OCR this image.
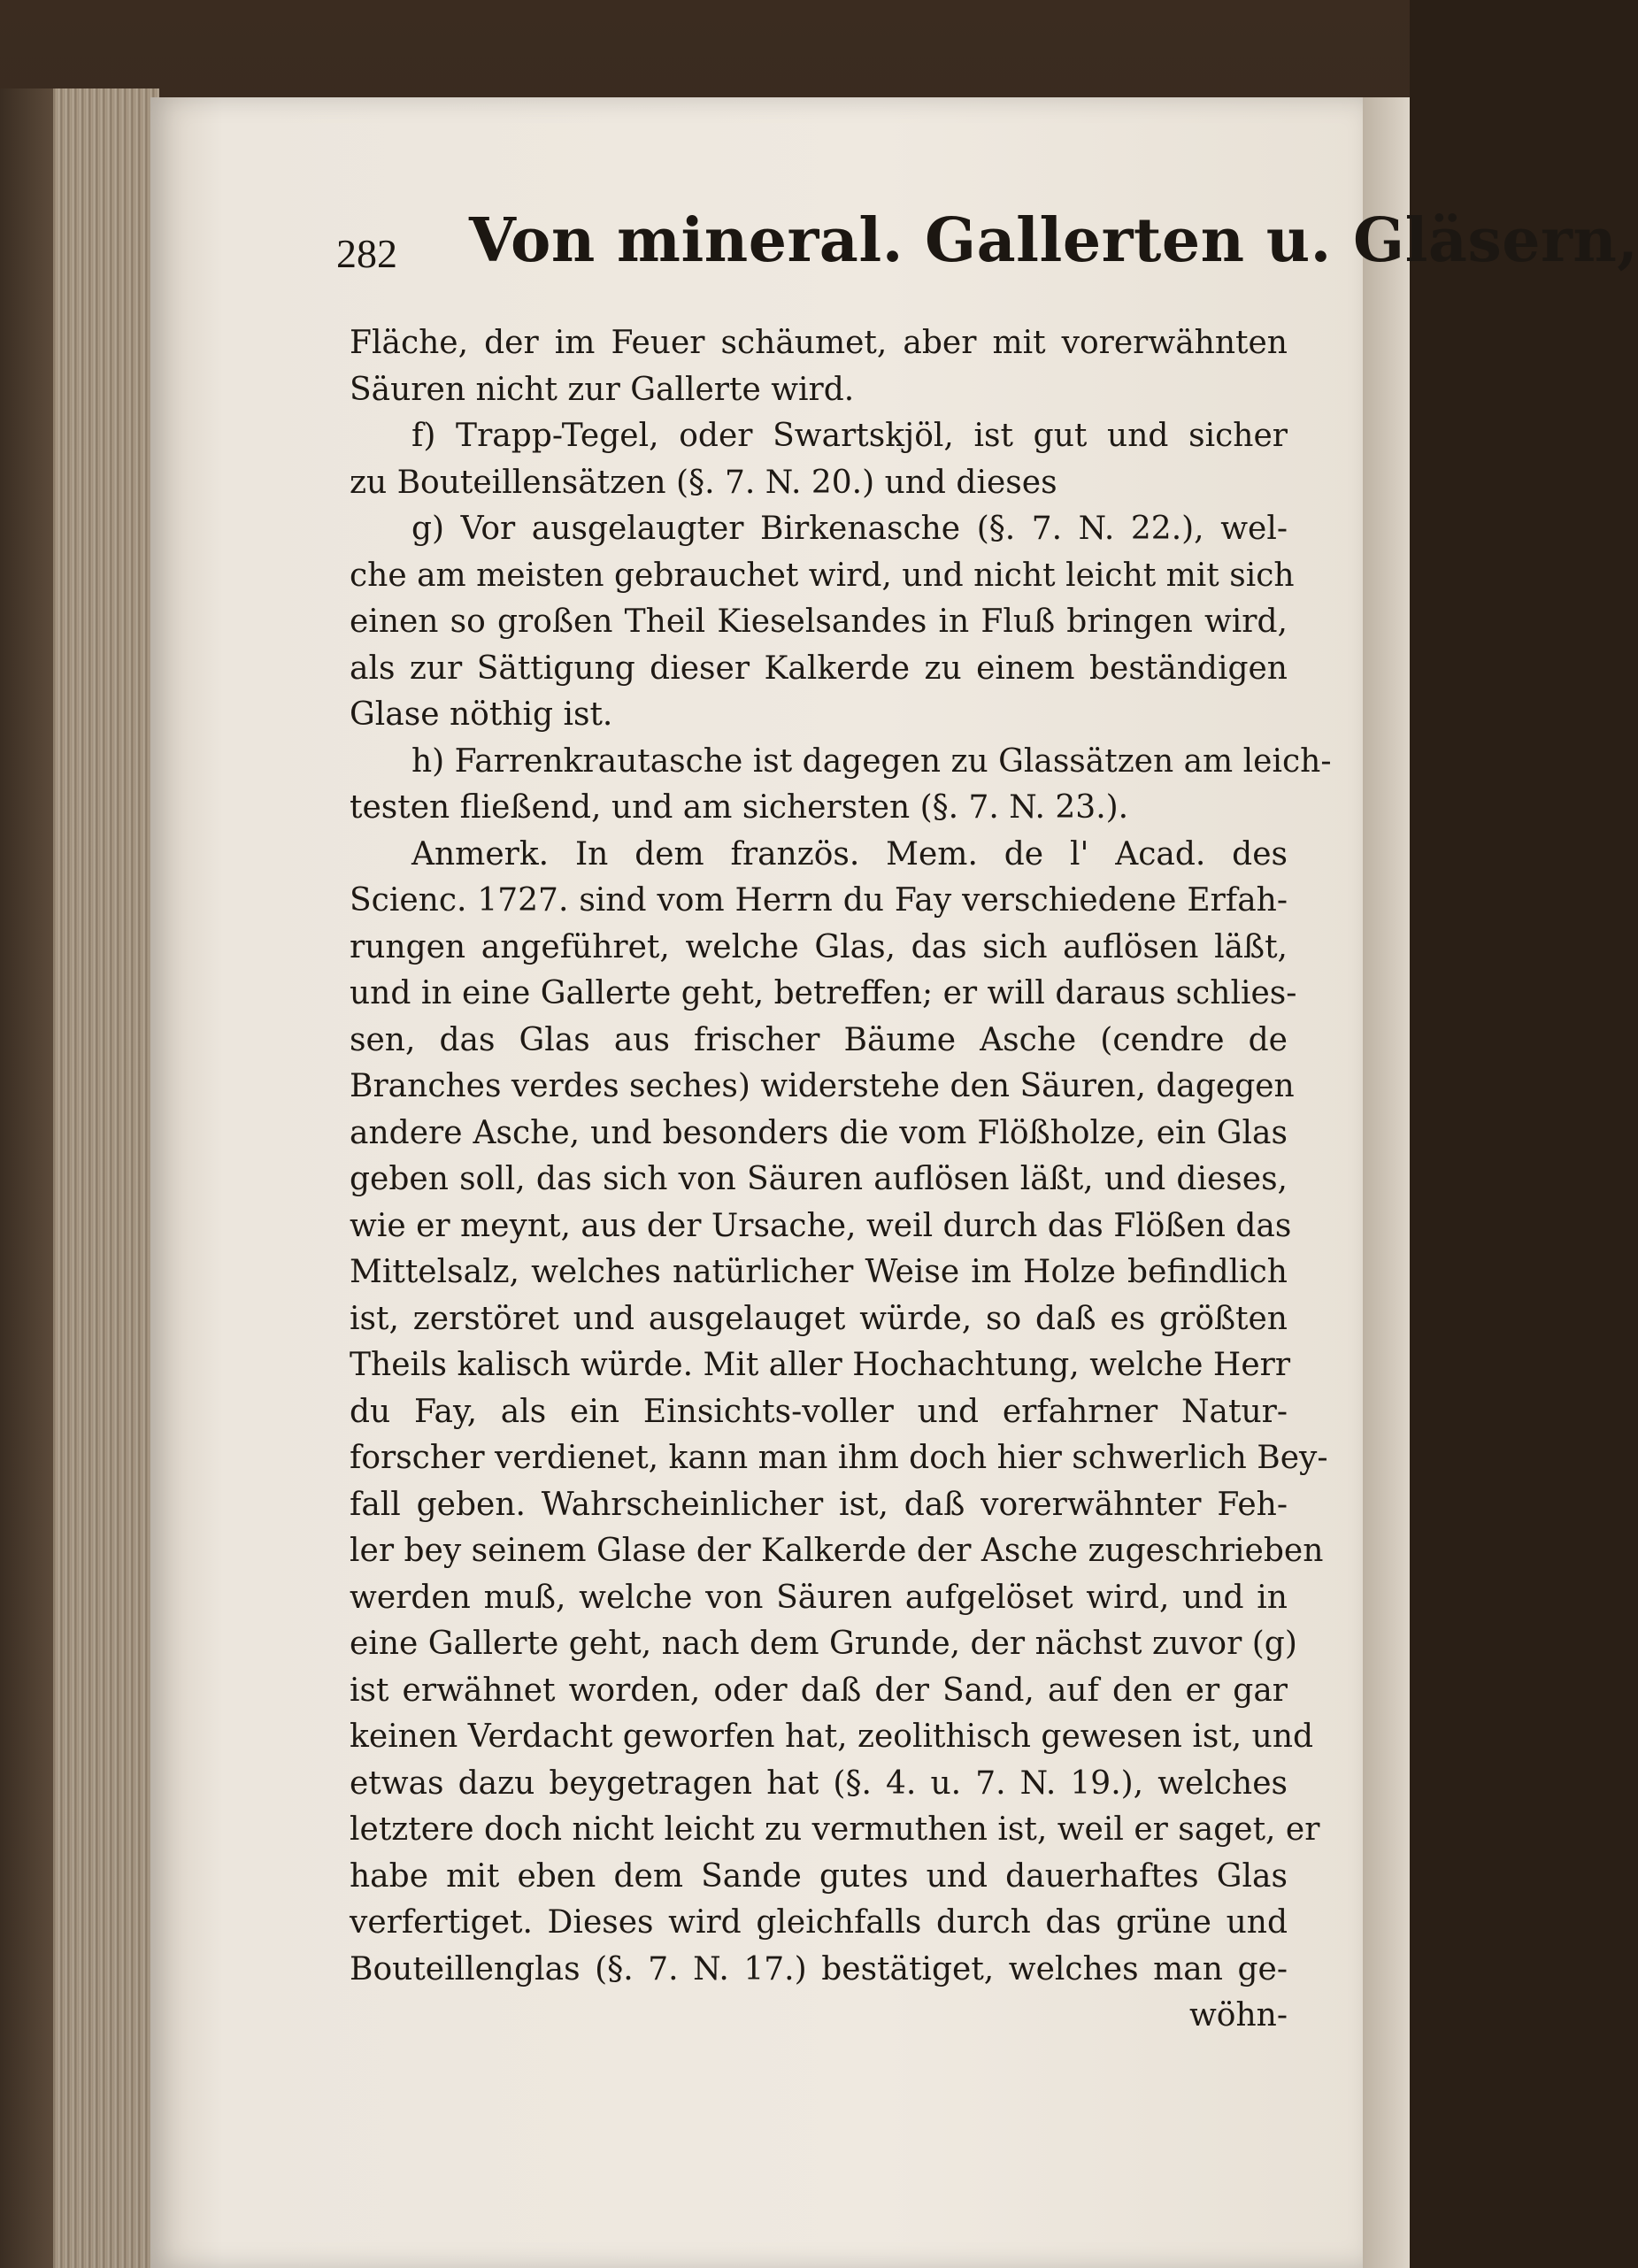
282 Von mineral. Gallerten u. Gläsern,
Fläche, der im Feuer schäumet, aber mit vorerwähnten
Säuren nicht zur Gallerte wird.
f) Trapp-Tegel, oder Swartskjöl, ist gut und sicher
zu Bouteillensätzen (§. 7. N. 20.) und dieses
g) Vor ausgelaugter Birkenasche (§. 7. N. 22.), wel-
che am meisten gebrauchet wird, und nicht leicht mit sich
einen so großen Theil Kieselsandes in Fluß bringen wird,
als zur Sättigung dieser Kalkerde zu einem beständigen
Glase nöthig ist.
h) Farrenkrautasche ist dagegen zu Glassätzen am leich-
testen fließend, und am sichersten (§. 7. N. 23.).
Anmerk. In dem französ. Mem. de l' Acad. des
Scienc. 1727. sind vom Herrn du Fay verschiedene Erfah-
rungen angeführet, welche Glas, das sich auflösen läßt,
und in eine Gallerte geht, betreffen; er will daraus schlies-
sen, das Glas aus frischer Bäume Asche (cendre de
Branches verdes seches) widerstehe den Säuren, dagegen
andere Asche, und besonders die vom Flößholze, ein Glas
geben soll, das sich von Säuren auflösen läßt, und dieses,
wie er meynt, aus der Ursache, weil durch das Flößen das
Mittelsalz, welches natürlicher Weise im Holze befindlich
ist, zerstöret und ausgelauget würde, so daß es größten
Theils kalisch würde. Mit aller Hochachtung, welche Herr
du Fay, als ein Einsichts-voller und erfahrner Natur-
forscher verdienet, kann man ihm doch hier schwerlich Bey-
fall geben. Wahrscheinlicher ist, daß vorerwähnter Feh-
ler bey seinem Glase der Kalkerde der Asche zugeschrieben
werden muß, welche von Säuren aufgelöset wird, und in
eine Gallerte geht, nach dem Grunde, der nächst zuvor (g)
ist erwähnet worden, oder daß der Sand, auf den er gar
keinen Verdacht geworfen hat, zeolithisch gewesen ist, und
etwas dazu beygetragen hat (§. 4. u. 7. N. 19.), welches
letztere doch nicht leicht zu vermuthen ist, weil er saget, er
habe mit eben dem Sande gutes und dauerhaftes Glas
verfertiget. Dieses wird gleichfalls durch das grüne und
Bouteillenglas (§. 7. N. 17.) bestätiget, welches man ge-
wöhn-
